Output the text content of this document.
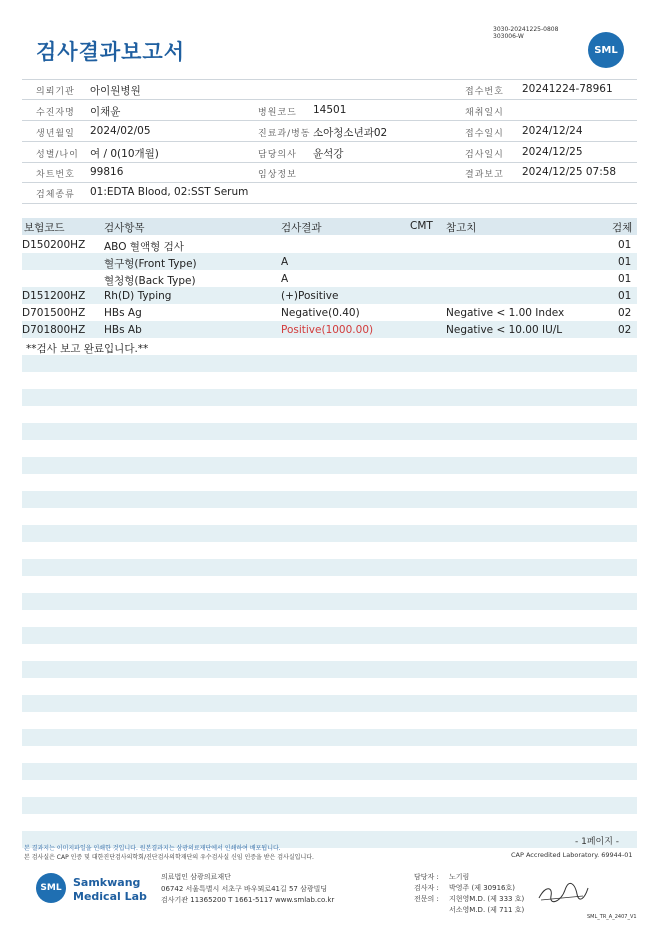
검사결과보고서
3030-20241225-0808
303006-W
SML
의뢰기관 아이원병원	접수번호 20241224-78961
수진자명 이채윤	병원코드 14501	채취일시
생년월일 2024/02/05	진료과/병동 소아청소년과02	접수일시 2024/12/24
성별/나이 여 / 0(10개월)	담당의사 윤석강	검사일시 2024/12/25
차트번호 99816	임상정보	결과보고 2024/12/25 07:58
검체종류 01:EDTA Blood, 02:SST Serum
보험코드	검사항목	검사결과	CMT 참고치	검체
D150200HZ ABO 혈액형 검사	01
혈구형(Front Type)	A	01
혈청형(Back Type)	A	01
D151200HZ Rh(D) Typing	(+)Positive	01
D701500HZ HBs Ag	Negative(0.40)	Negative < 1.00 Index	02
D701800HZ HBs Ab	Positive(1000.00)	Negative < 10.00 IU/L	02
**검사 보고 완료입니다.**
- 1페이지 -
본 결과지는 이미지파일을 인쇄한 것입니다. 원본결과지는 삼광의료재단에서 인쇄하여 배포됩니다.
본 검사실은 CAP 인증 및 대한진단검사의학회/진단검사의학재단의 우수검사실 신임 인증을 받은 검사실입니다.	CAP Accredited Laboratory. 69944-01
SML	Samkwang
Medical Lab
의료법인 삼광의료재단
06742 서울특별시 서초구 바우뫼로41길 57 삼광빌딩
검사기관 11365200 T 1661-5117 www.smlab.co.kr
담당자 : 노기림
검사자 : 박영주 (제 30916호)
전문의 : 지현영M.D. (제 333 호)
서소영M.D. (제 711 호)
SML_TR_A_2407_V1
